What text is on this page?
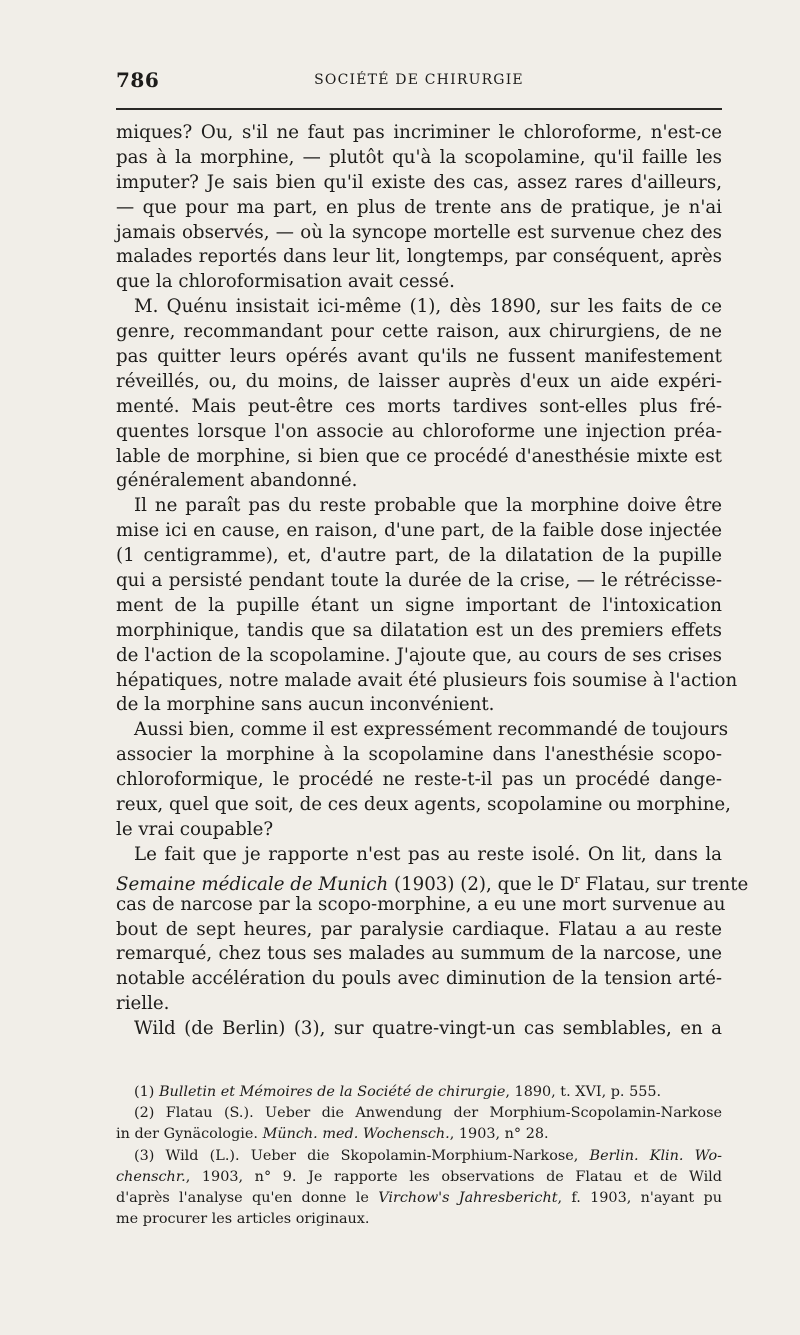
786	SOCIÉTÉ DE CHIRURGIE
miques? Ou, s'il ne faut pas incriminer le chloroforme, n'est-ce
pas à la morphine, — plutôt qu'à la scopolamine, qu'il faille les
imputer? Je sais bien qu'il existe des cas, assez rares d'ailleurs,
— que pour ma part, en plus de trente ans de pratique, je n'ai
jamais observés, — où la syncope mortelle est survenue chez des
malades reportés dans leur lit, longtemps, par conséquent, après
que la chloroformisation avait cessé.
M. Quénu insistait ici-même (1), dès 1890, sur les faits de ce
genre, recommandant pour cette raison, aux chirurgiens, de ne
pas quitter leurs opérés avant qu'ils ne fussent manifestement
réveillés, ou, du moins, de laisser auprès d'eux un aide expéri-
menté. Mais peut-être ces morts tardives sont-elles plus fré-
quentes lorsque l'on associe au chloroforme une injection préa-
lable de morphine, si bien que ce procédé d'anesthésie mixte est
généralement abandonné.
Il ne paraît pas du reste probable que la morphine doive être
mise ici en cause, en raison, d'une part, de la faible dose injectée
(1 centigramme), et, d'autre part, de la dilatation de la pupille
qui a persisté pendant toute la durée de la crise, — le rétrécisse-
ment de la pupille étant un signe important de l'intoxication
morphinique, tandis que sa dilatation est un des premiers effets
de l'action de la scopolamine. J'ajoute que, au cours de ses crises
hépatiques, notre malade avait été plusieurs fois soumise à l'action
de la morphine sans aucun inconvénient.
Aussi bien, comme il est expressément recommandé de toujours
associer la morphine à la scopolamine dans l'anesthésie scopo-
chloroformique, le procédé ne reste-t-il pas un procédé dange-
reux, quel que soit, de ces deux agents, scopolamine ou morphine,
le vrai coupable?
Le fait que je rapporte n'est pas au reste isolé. On lit, dans la
Semaine médicale de Munich (1903) (2), que le $D^r$ Flatau, sur trente
cas de narcose par la scopo-morphine, a eu une mort survenue au
bout de sept heures, par paralysie cardiaque. Flatau a au reste
remarqué, chez tous ses malades au summum de la narcose, une
notable accélération du pouls avec diminution de la tension arté-
rielle.
Wild (de Berlin) (3), sur quatre-vingt-un cas semblables, en a
(1) Bulletin et Mémoires de la Société de chirurgie, 1890, t. XVI, p. 555.
(2) Flatau (S.). Ueber die Anwendung der Morphium-Scopolamin-Narkose
in der Gynäcologie. Münch. med. Wochensch., 1903, n° 28.
(3) Wild (L.). Ueber die Skopolamin-Morphium-Narkose, Berlin. Klin. Wo-
chenschr., 1903, n° 9. Je rapporte les observations de Flatau et de Wild
d'après l'analyse qu'en donne le Virchow's Jahresbericht, f. 1903, n'ayant pu
me procurer les articles originaux.
